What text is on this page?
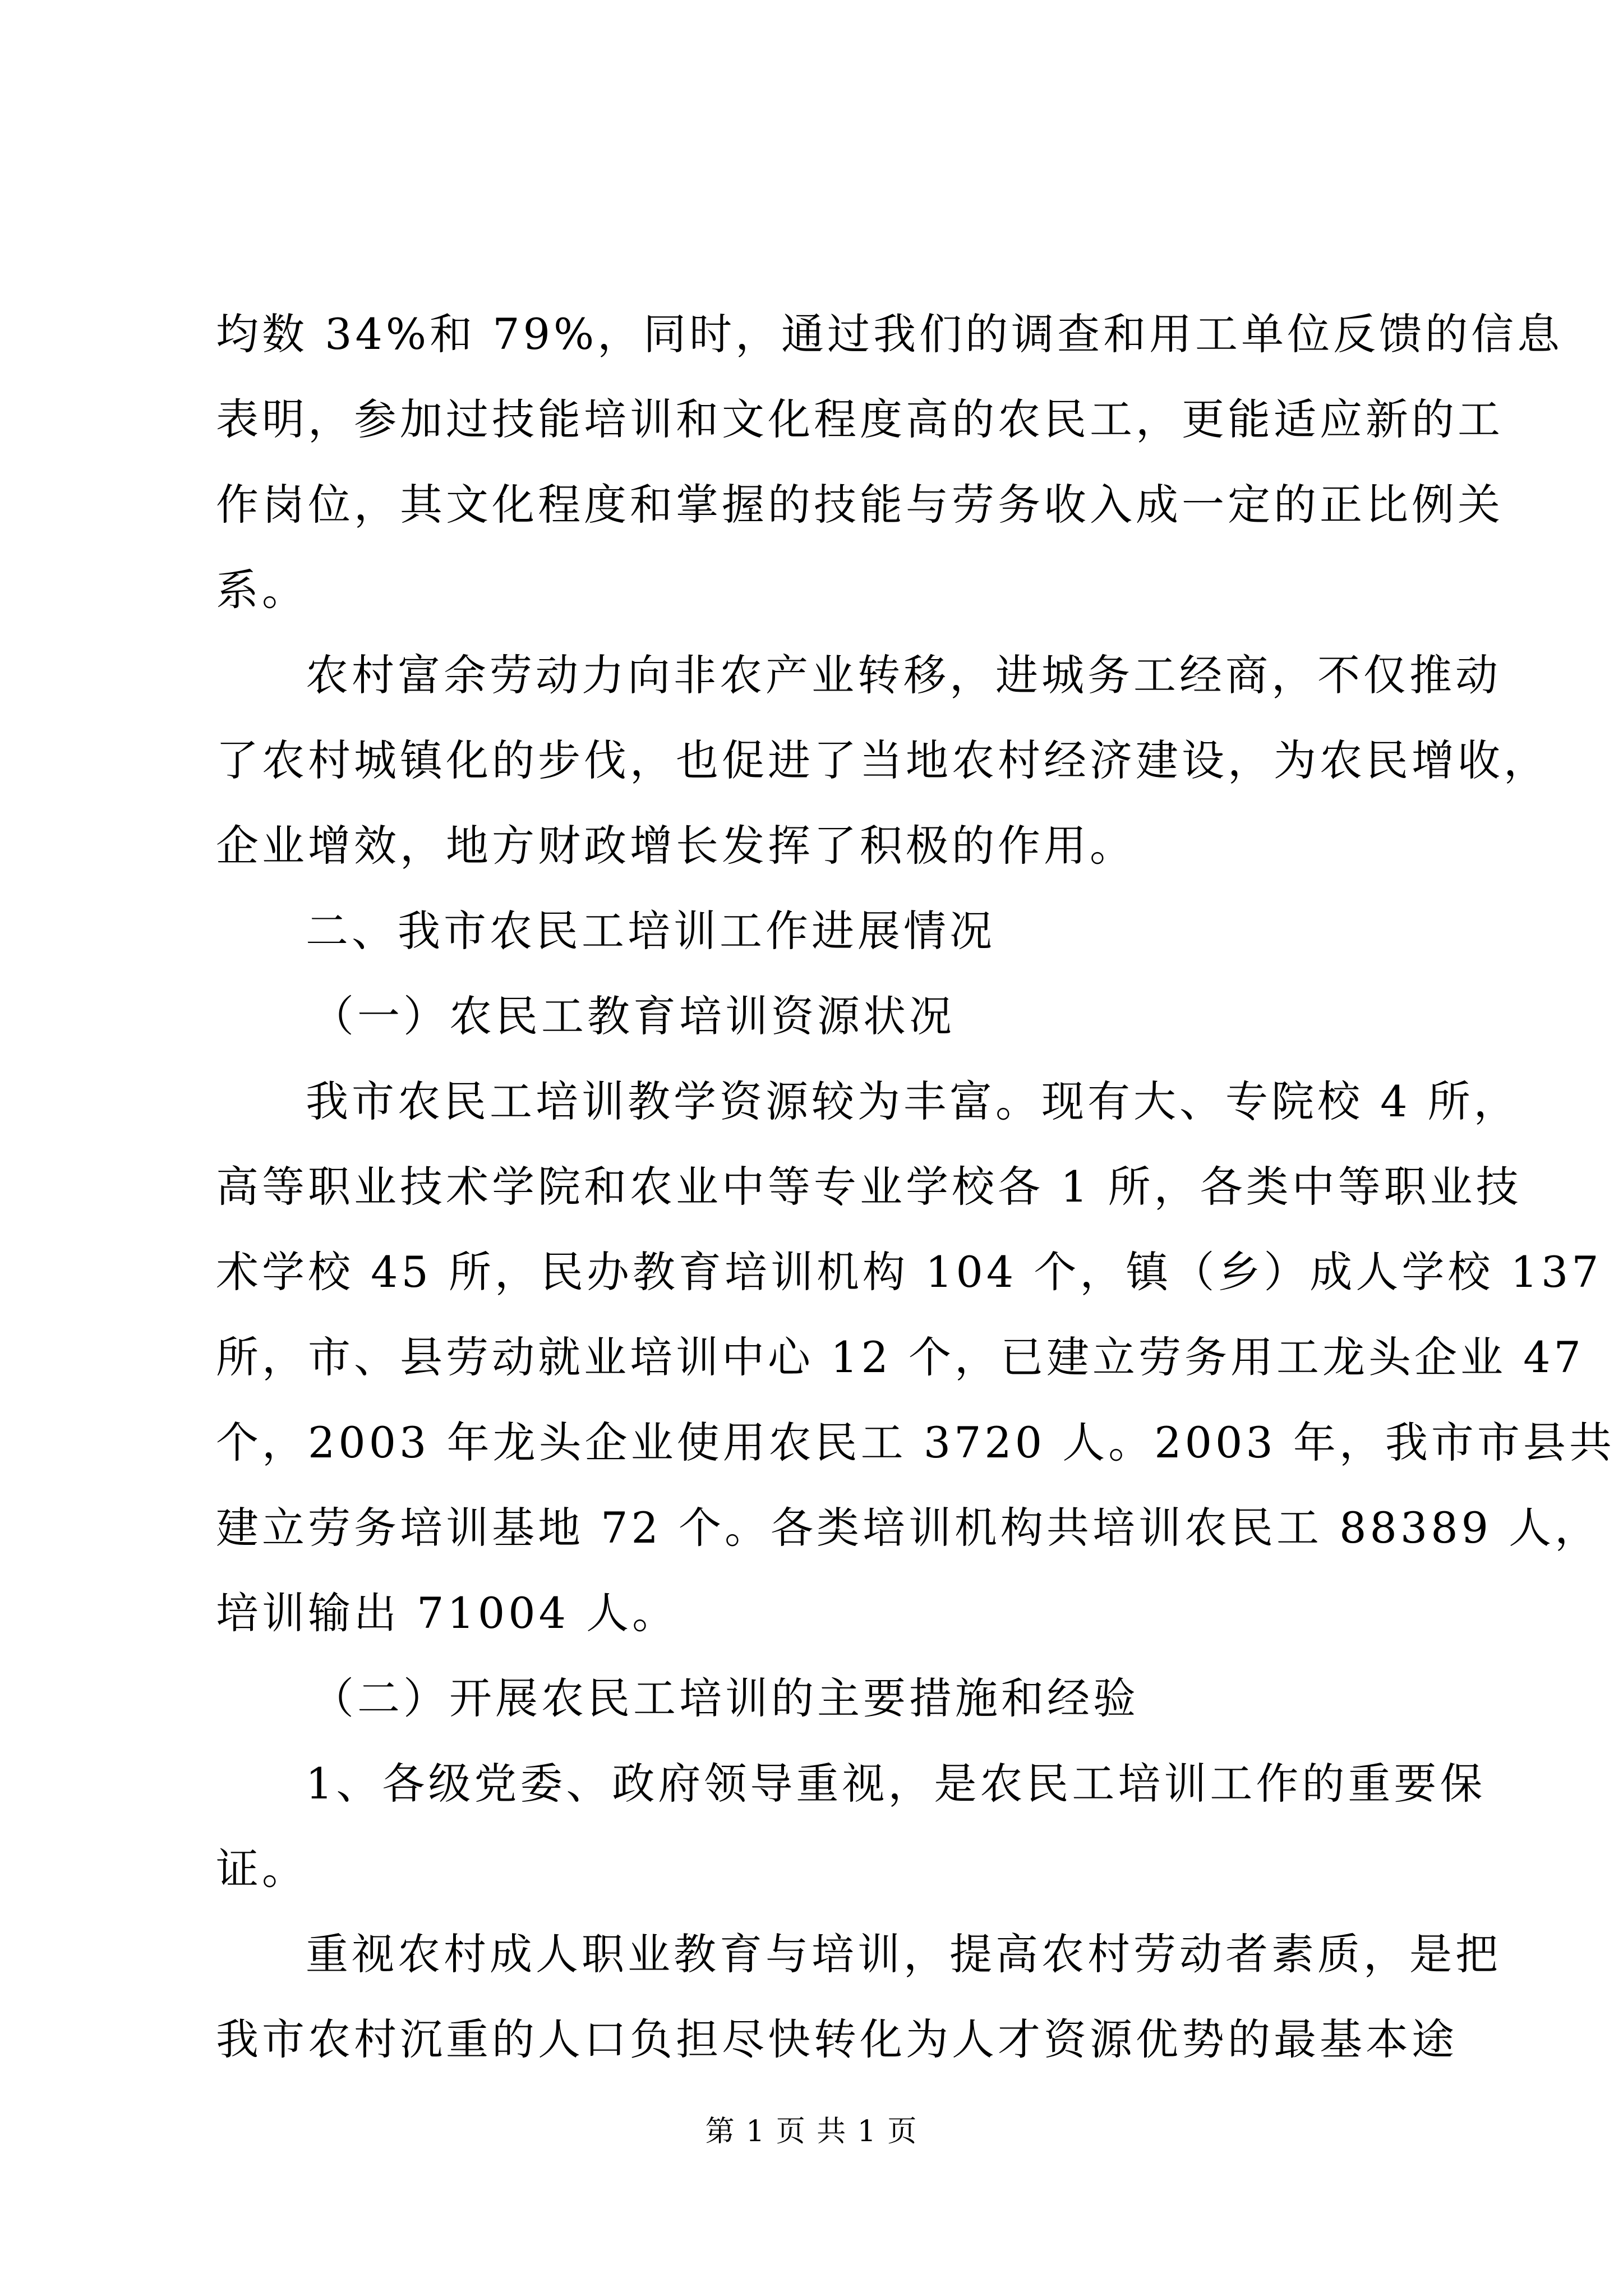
均数 34%和 79%，同时，通过我们的调查和用工单位反馈的信息
表明，参加过技能培训和文化程度高的农民工，更能适应新的工
作岗位，其文化程度和掌握的技能与劳务收入成一定的正比例关
系。
农村富余劳动力向非农产业转移，进城务工经商，不仅推动
了农村城镇化的步伐，也促进了当地农村经济建设，为农民增收，
企业增效，地方财政增长发挥了积极的作用。
二、我市农民工培训工作进展情况
（一）农民工教育培训资源状况
我市农民工培训教学资源较为丰富。现有大、专院校 4 所，
高等职业技术学院和农业中等专业学校各 1 所，各类中等职业技
术学校 45 所，民办教育培训机构 104 个，镇（乡）成人学校 137
所，市、县劳动就业培训中心 12 个，已建立劳务用工龙头企业 47
个，2003 年龙头企业使用农民工 3720 人。2003 年，我市市县共
建立劳务培训基地 72 个。各类培训机构共培训农民工 88389 人，
培训输出 71004 人。
（二）开展农民工培训的主要措施和经验
1、各级党委、政府领导重视，是农民工培训工作的重要保
证。
重视农村成人职业教育与培训，提高农村劳动者素质，是把
我市农村沉重的人口负担尽快转化为人才资源优势的最基本途
第 1 页 共 1 页
